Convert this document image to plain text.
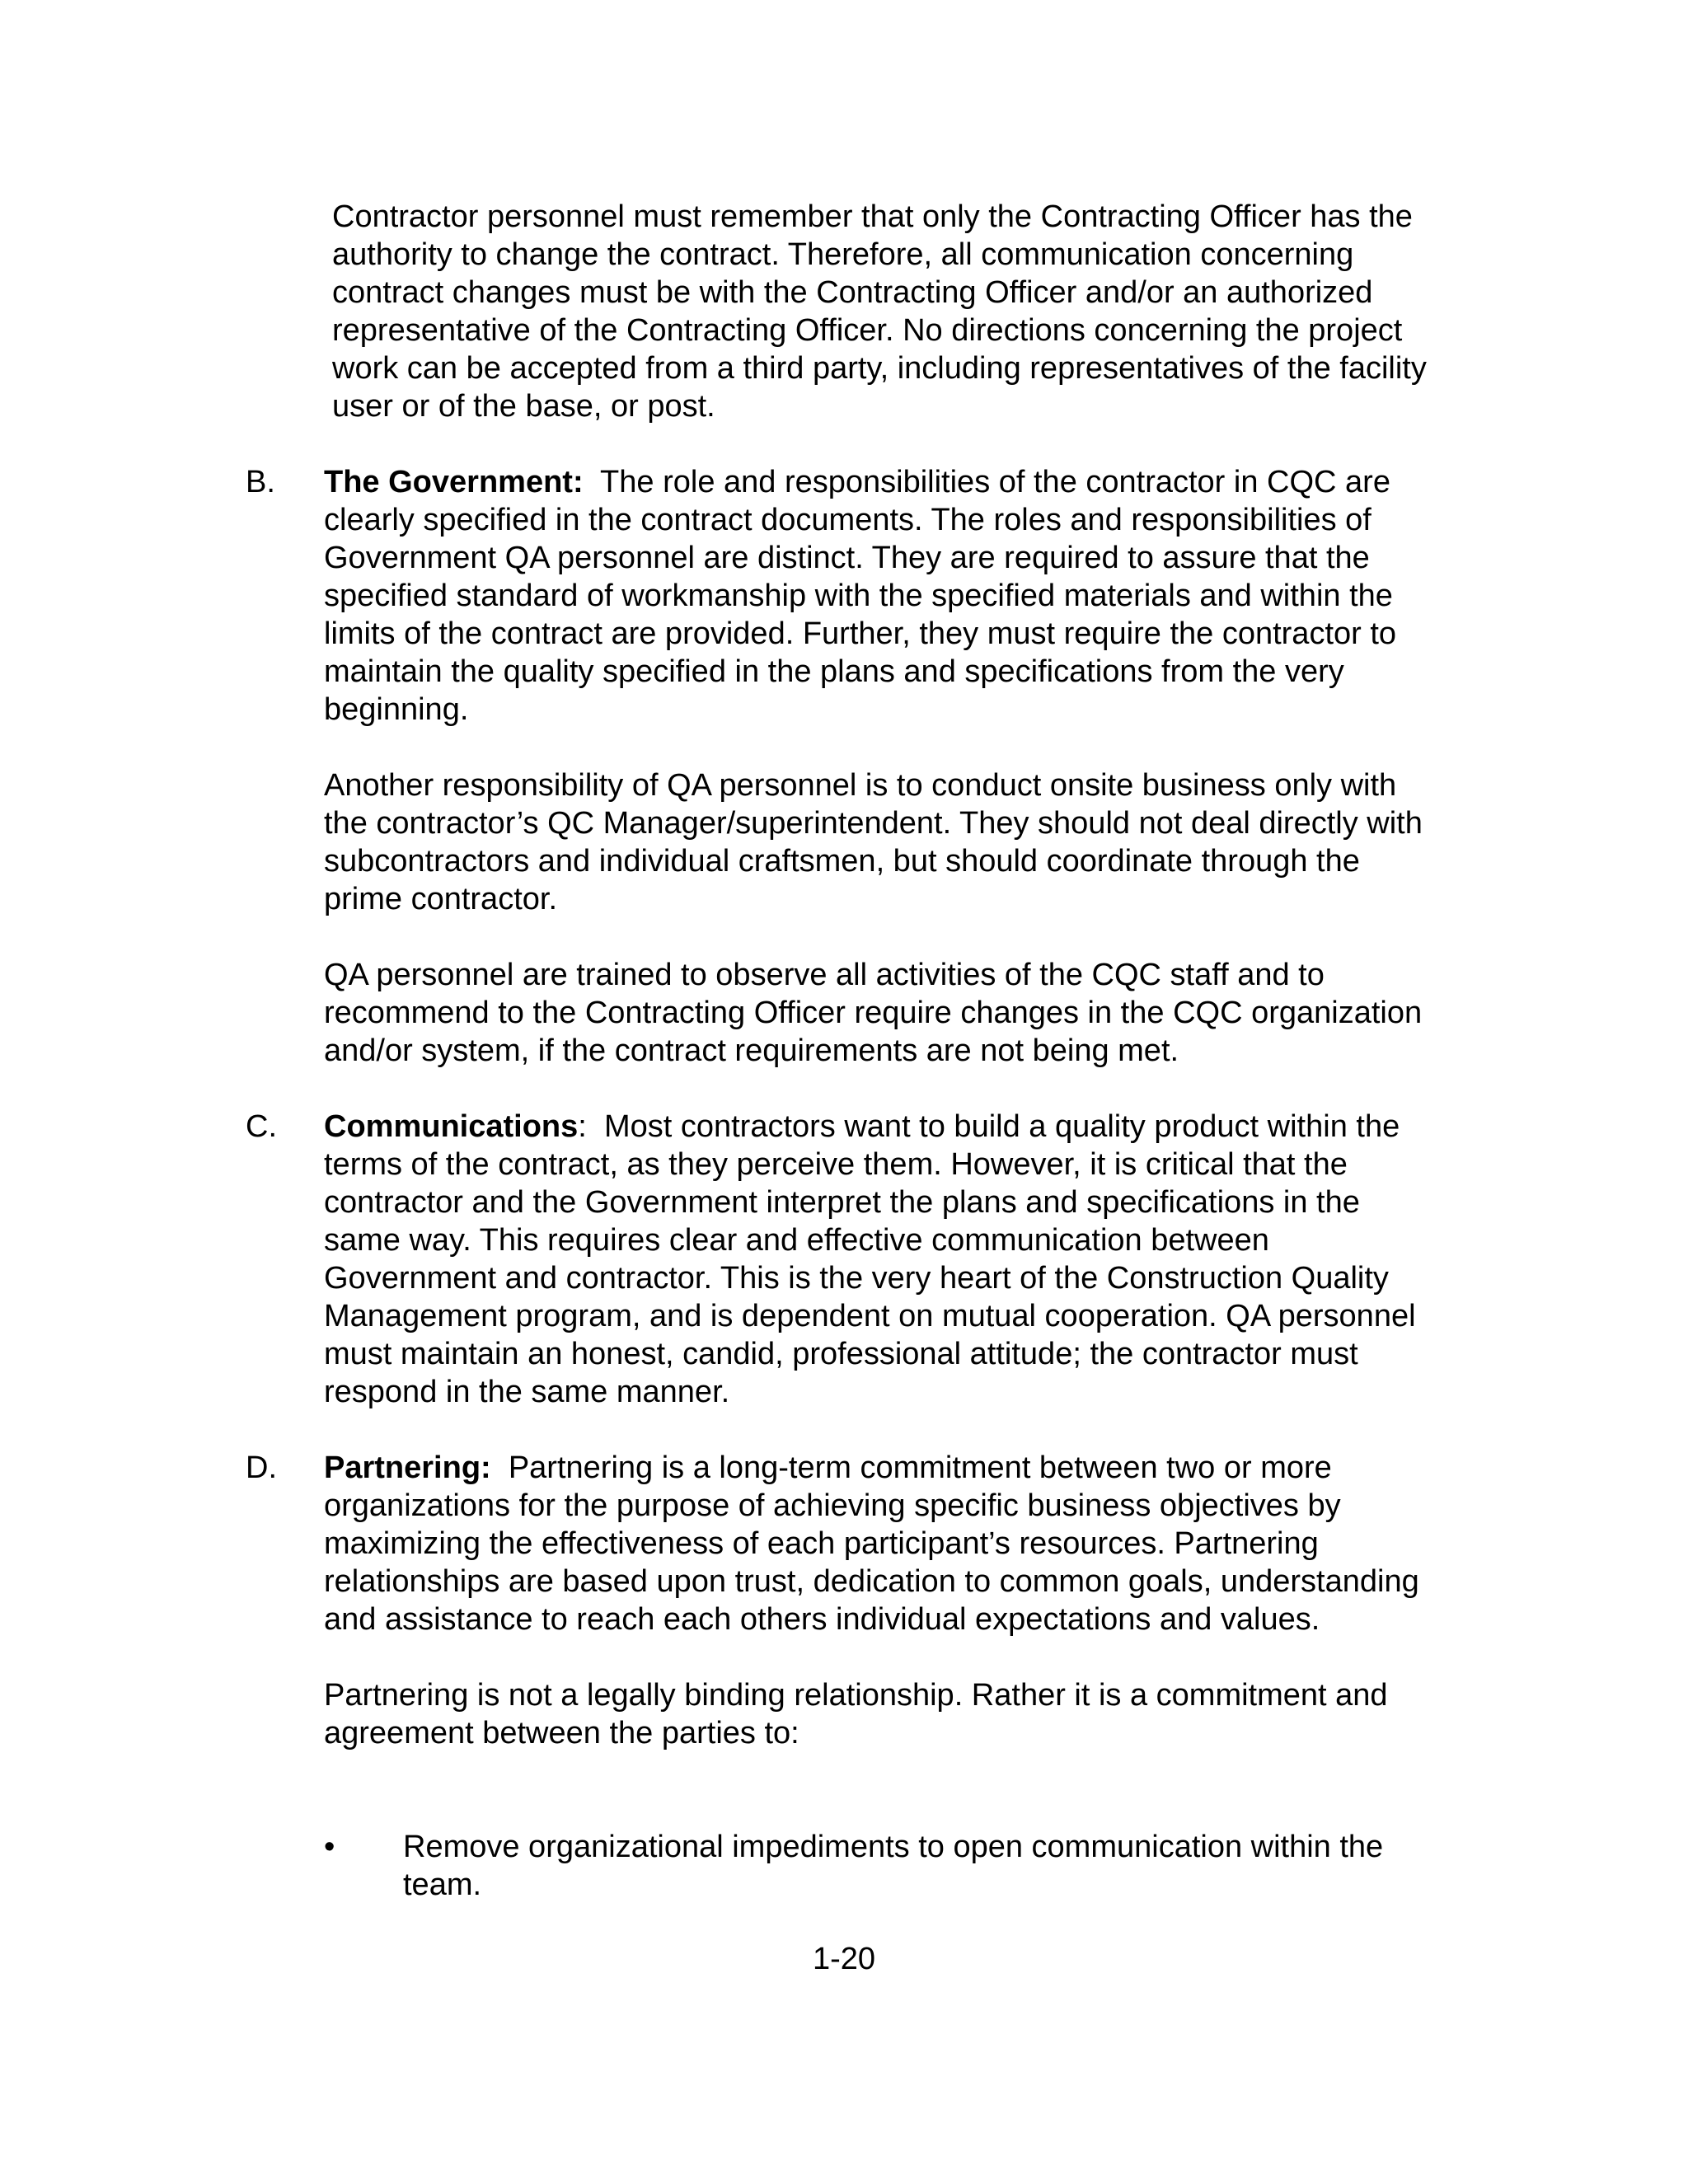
Contractor personnel must remember that only the Contracting Officer has the authority to change the contract. Therefore, all communication concerning contract changes must be with the Contracting Officer and/or an authorized representative of the Contracting Officer. No directions concerning the project work can be accepted from a third party, including representatives of the facility user or of the base, or post.

B. The Government: The role and responsibilities of the contractor in CQC are clearly specified in the contract documents. The roles and responsibilities of Government QA personnel are distinct. They are required to assure that the specified standard of workmanship with the specified materials and within the limits of the contract are provided. Further, they must require the contractor to maintain the quality specified in the plans and specifications from the very beginning.

Another responsibility of QA personnel is to conduct onsite business only with the contractor’s QC Manager/superintendent. They should not deal directly with subcontractors and individual craftsmen, but should coordinate through the prime contractor.

QA personnel are trained to observe all activities of the CQC staff and to recommend to the Contracting Officer require changes in the CQC organization and/or system, if the contract requirements are not being met.

C. Communications: Most contractors want to build a quality product within the terms of the contract, as they perceive them. However, it is critical that the contractor and the Government interpret the plans and specifications in the same way. This requires clear and effective communication between Government and contractor. This is the very heart of the Construction Quality Management program, and is dependent on mutual cooperation. QA personnel must maintain an honest, candid, professional attitude; the contractor must respond in the same manner.

D. Partnering: Partnering is a long-term commitment between two or more organizations for the purpose of achieving specific business objectives by maximizing the effectiveness of each participant’s resources. Partnering relationships are based upon trust, dedication to common goals, understanding and assistance to reach each others individual expectations and values.

Partnering is not a legally binding relationship. Rather it is a commitment and agreement between the parties to:

• Remove organizational impediments to open communication within the team.

1-20
